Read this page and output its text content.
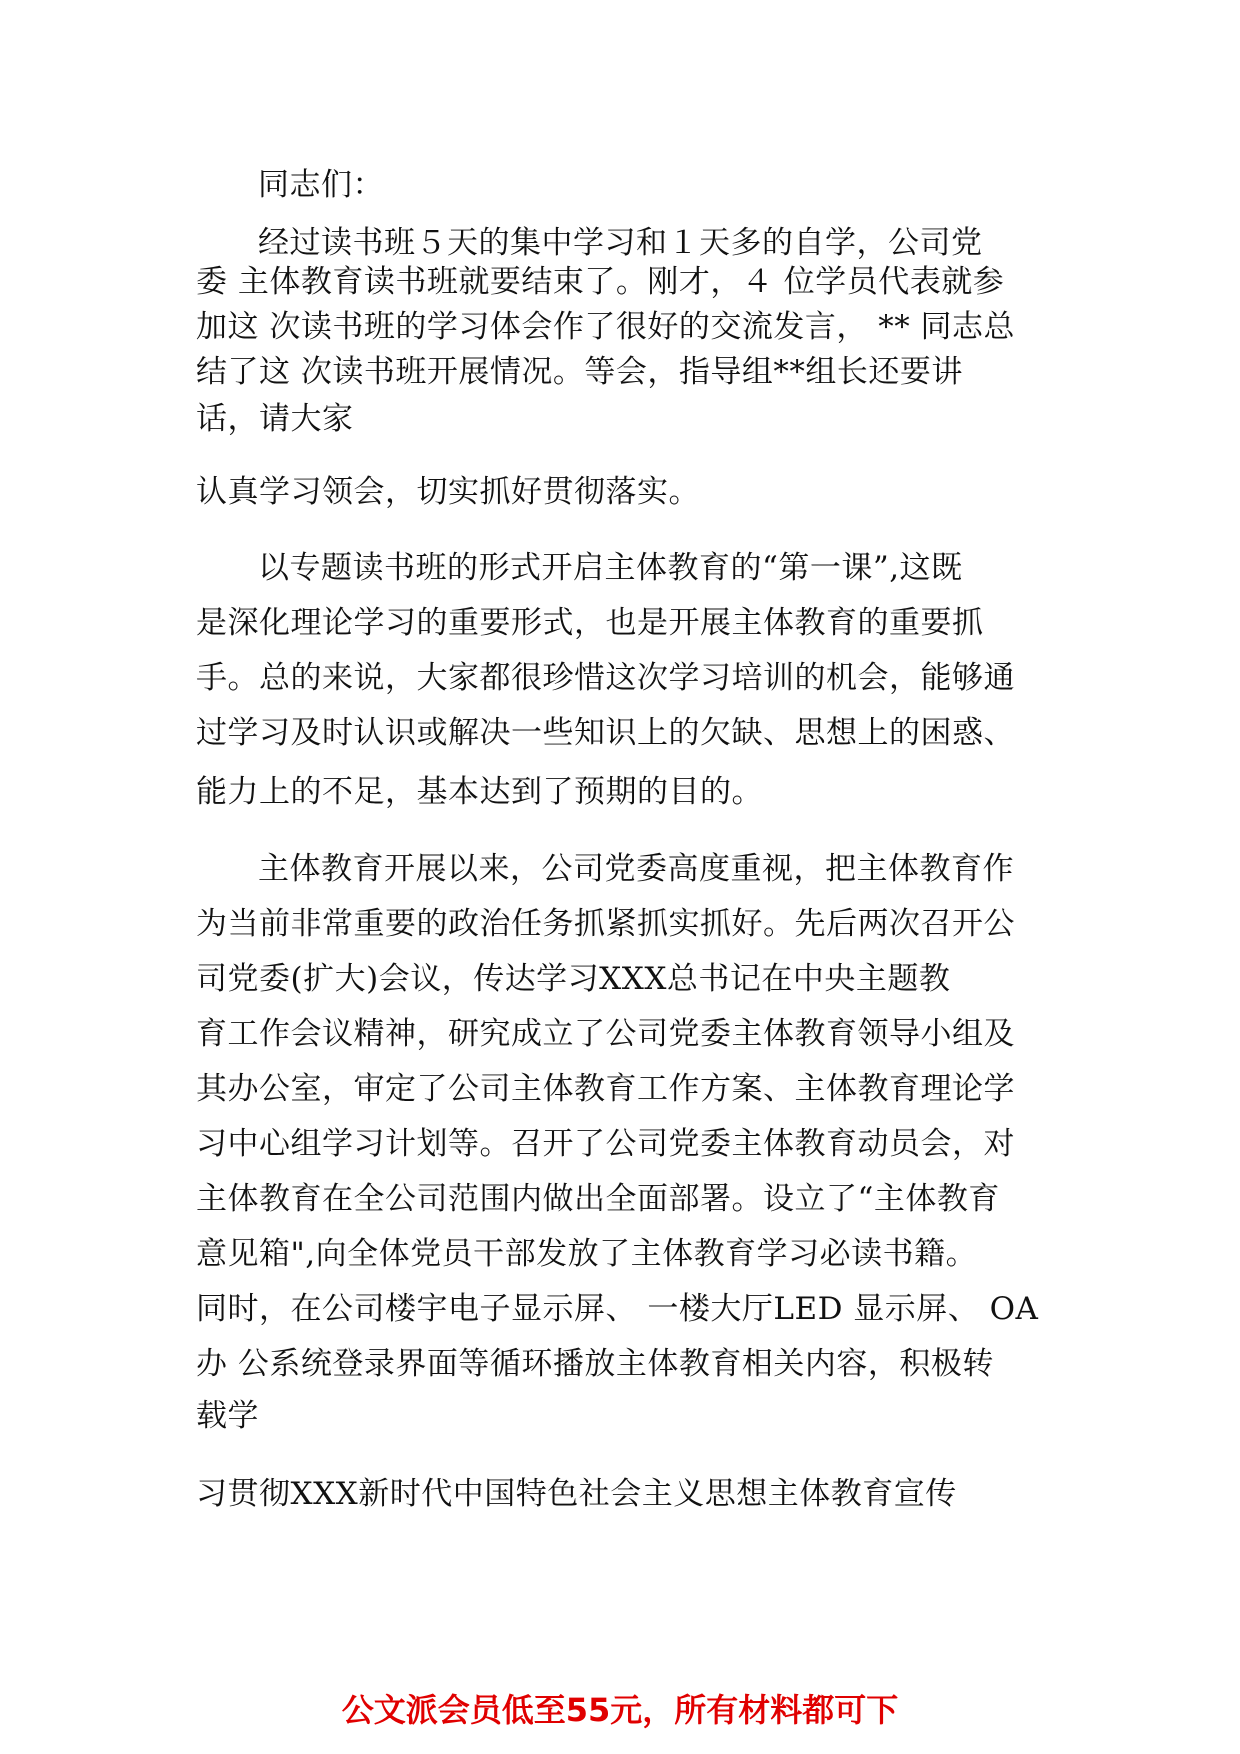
同志们：
经过读书班５天的集中学习和１天多的自学，公司党
委 主体教育读书班就要结束了。刚才，４ 位学员代表就参
加这 次读书班的学习体会作了很好的交流发言， ** 同志总
结了这 次读书班开展情况。等会，指导组**组长还要讲
话，请大家
认真学习领会，切实抓好贯彻落实。
以专题读书班的形式开启主体教育的“第一课”,这既
是深化理论学习的重要形式，也是开展主体教育的重要抓
手。总的来说，大家都很珍惜这次学习培训的机会，能够通
过学习及时认识或解决一些知识上的欠缺、思想上的困惑、
能力上的不足，基本达到了预期的目的。
主体教育开展以来，公司党委高度重视，把主体教育作
为当前非常重要的政治任务抓紧抓实抓好。先后两次召开公
司党委(扩大)会议，传达学习XXX总书记在中央主题教
育工作会议精神，研究成立了公司党委主体教育领导小组及
其办公室，审定了公司主体教育工作方案、主体教育理论学
习中心组学习计划等。召开了公司党委主体教育动员会，对
主体教育在全公司范围内做出全面部署。设立了“主体教育
意见箱",向全体党员干部发放了主体教育学习必读书籍。
同时，在公司楼宇电子显示屏、 一楼大厅LED 显示屏、 OA
办 公系统登录界面等循环播放主体教育相关内容，积极转
载学
习贯彻XXX新时代中国特色社会主义思想主体教育宣传
公文派会员低至55元，所有材料都可下
